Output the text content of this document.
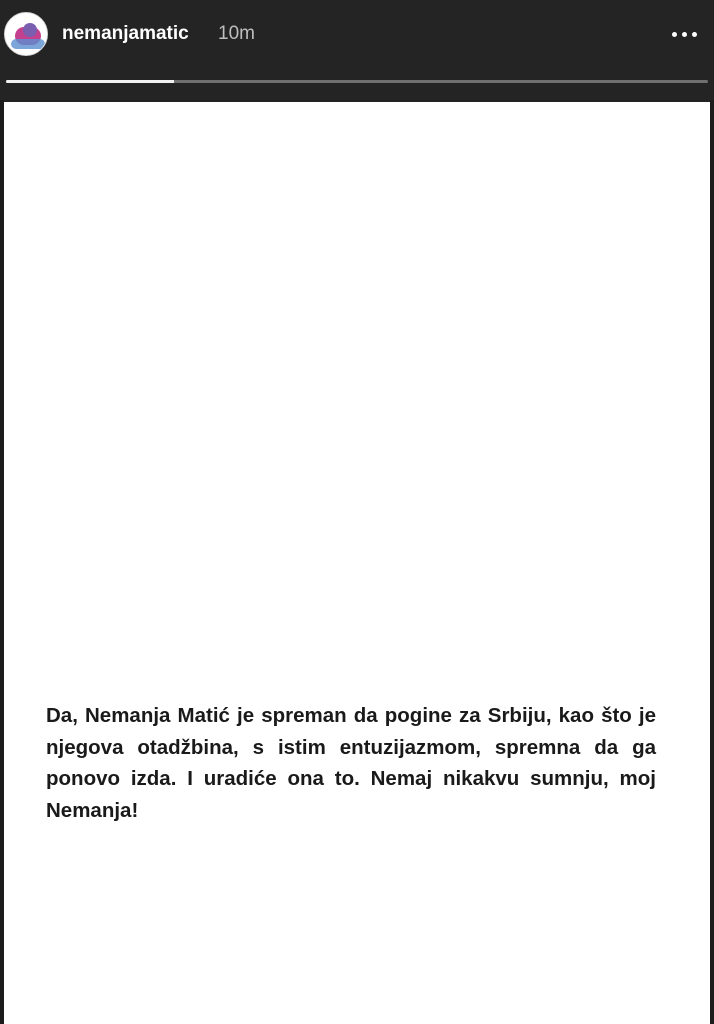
nemanjamatic 10m

Da, Nemanja Matić je spreman da pogine za Srbiju, kao što je njegova otadžbina, s istim entuzijazmom, spremna da ga ponovo izda. I uradiće ona to. Nemaj nikakvu sumnju, moj Nemanja!
